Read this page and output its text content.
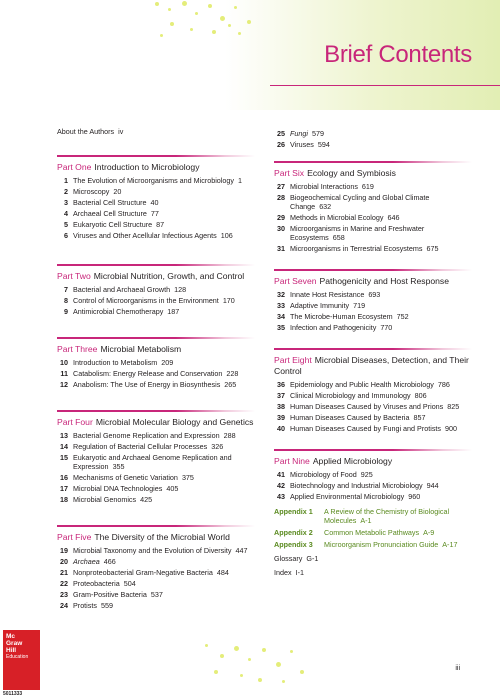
Brief Contents
About the Authors iv
Part One Introduction to Microbiology
1 The Evolution of Microorganisms and Microbiology 1
2 Microscopy 20
3 Bacterial Cell Structure 40
4 Archaeal Cell Structure 77
5 Eukaryotic Cell Structure 87
6 Viruses and Other Acellular Infectious Agents 106
Part Two Microbial Nutrition, Growth, and Control
7 Bacterial and Archaeal Growth 128
8 Control of Microorganisms in the Environment 170
9 Antimicrobial Chemotherapy 187
Part Three Microbial Metabolism
10 Introduction to Metabolism 209
11 Catabolism: Energy Release and Conservation 228
12 Anabolism: The Use of Energy in Biosynthesis 265
Part Four Microbial Molecular Biology and Genetics
13 Bacterial Genome Replication and Expression 288
14 Regulation of Bacterial Cellular Processes 326
15 Eukaryotic and Archaeal Genome Replication and Expression 355
16 Mechanisms of Genetic Variation 375
17 Microbial DNA Technologies 405
18 Microbial Genomics 425
Part Five The Diversity of the Microbial World
19 Microbial Taxonomy and the Evolution of Diversity 447
20 Archaea 466
21 Nonproteobacterial Gram-Negative Bacteria 484
22 Proteobacteria 504
23 Gram-Positive Bacteria 537
24 Protists 559
25 Fungi 579
26 Viruses 594
Part Six Ecology and Symbiosis
27 Microbial Interactions 619
28 Biogeochemical Cycling and Global Climate Change 632
29 Methods in Microbial Ecology 646
30 Microorganisms in Marine and Freshwater Ecosystems 658
31 Microorganisms in Terrestrial Ecosystems 675
Part Seven Pathogenicity and Host Response
32 Innate Host Resistance 693
33 Adaptive Immunity 719
34 The Microbe-Human Ecosystem 752
35 Infection and Pathogenicity 770
Part Eight Microbial Diseases, Detection, and Their Control
36 Epidemiology and Public Health Microbiology 786
37 Clinical Microbiology and Immunology 806
38 Human Diseases Caused by Viruses and Prions 825
39 Human Diseases Caused by Bacteria 857
40 Human Diseases Caused by Fungi and Protists 900
Part Nine Applied Microbiology
41 Microbiology of Food 925
42 Biotechnology and Industrial Microbiology 944
43 Applied Environmental Microbiology 960
Appendix 1	A Review of the Chemistry of Biological Molecules A-1
Appendix 2	Common Metabolic Pathways A-9
Appendix 3	Microorganism Pronunciation Guide A-17
Glossary G-1
Index I-1
Mc
Graw
Hill
Education
5011333
iii
